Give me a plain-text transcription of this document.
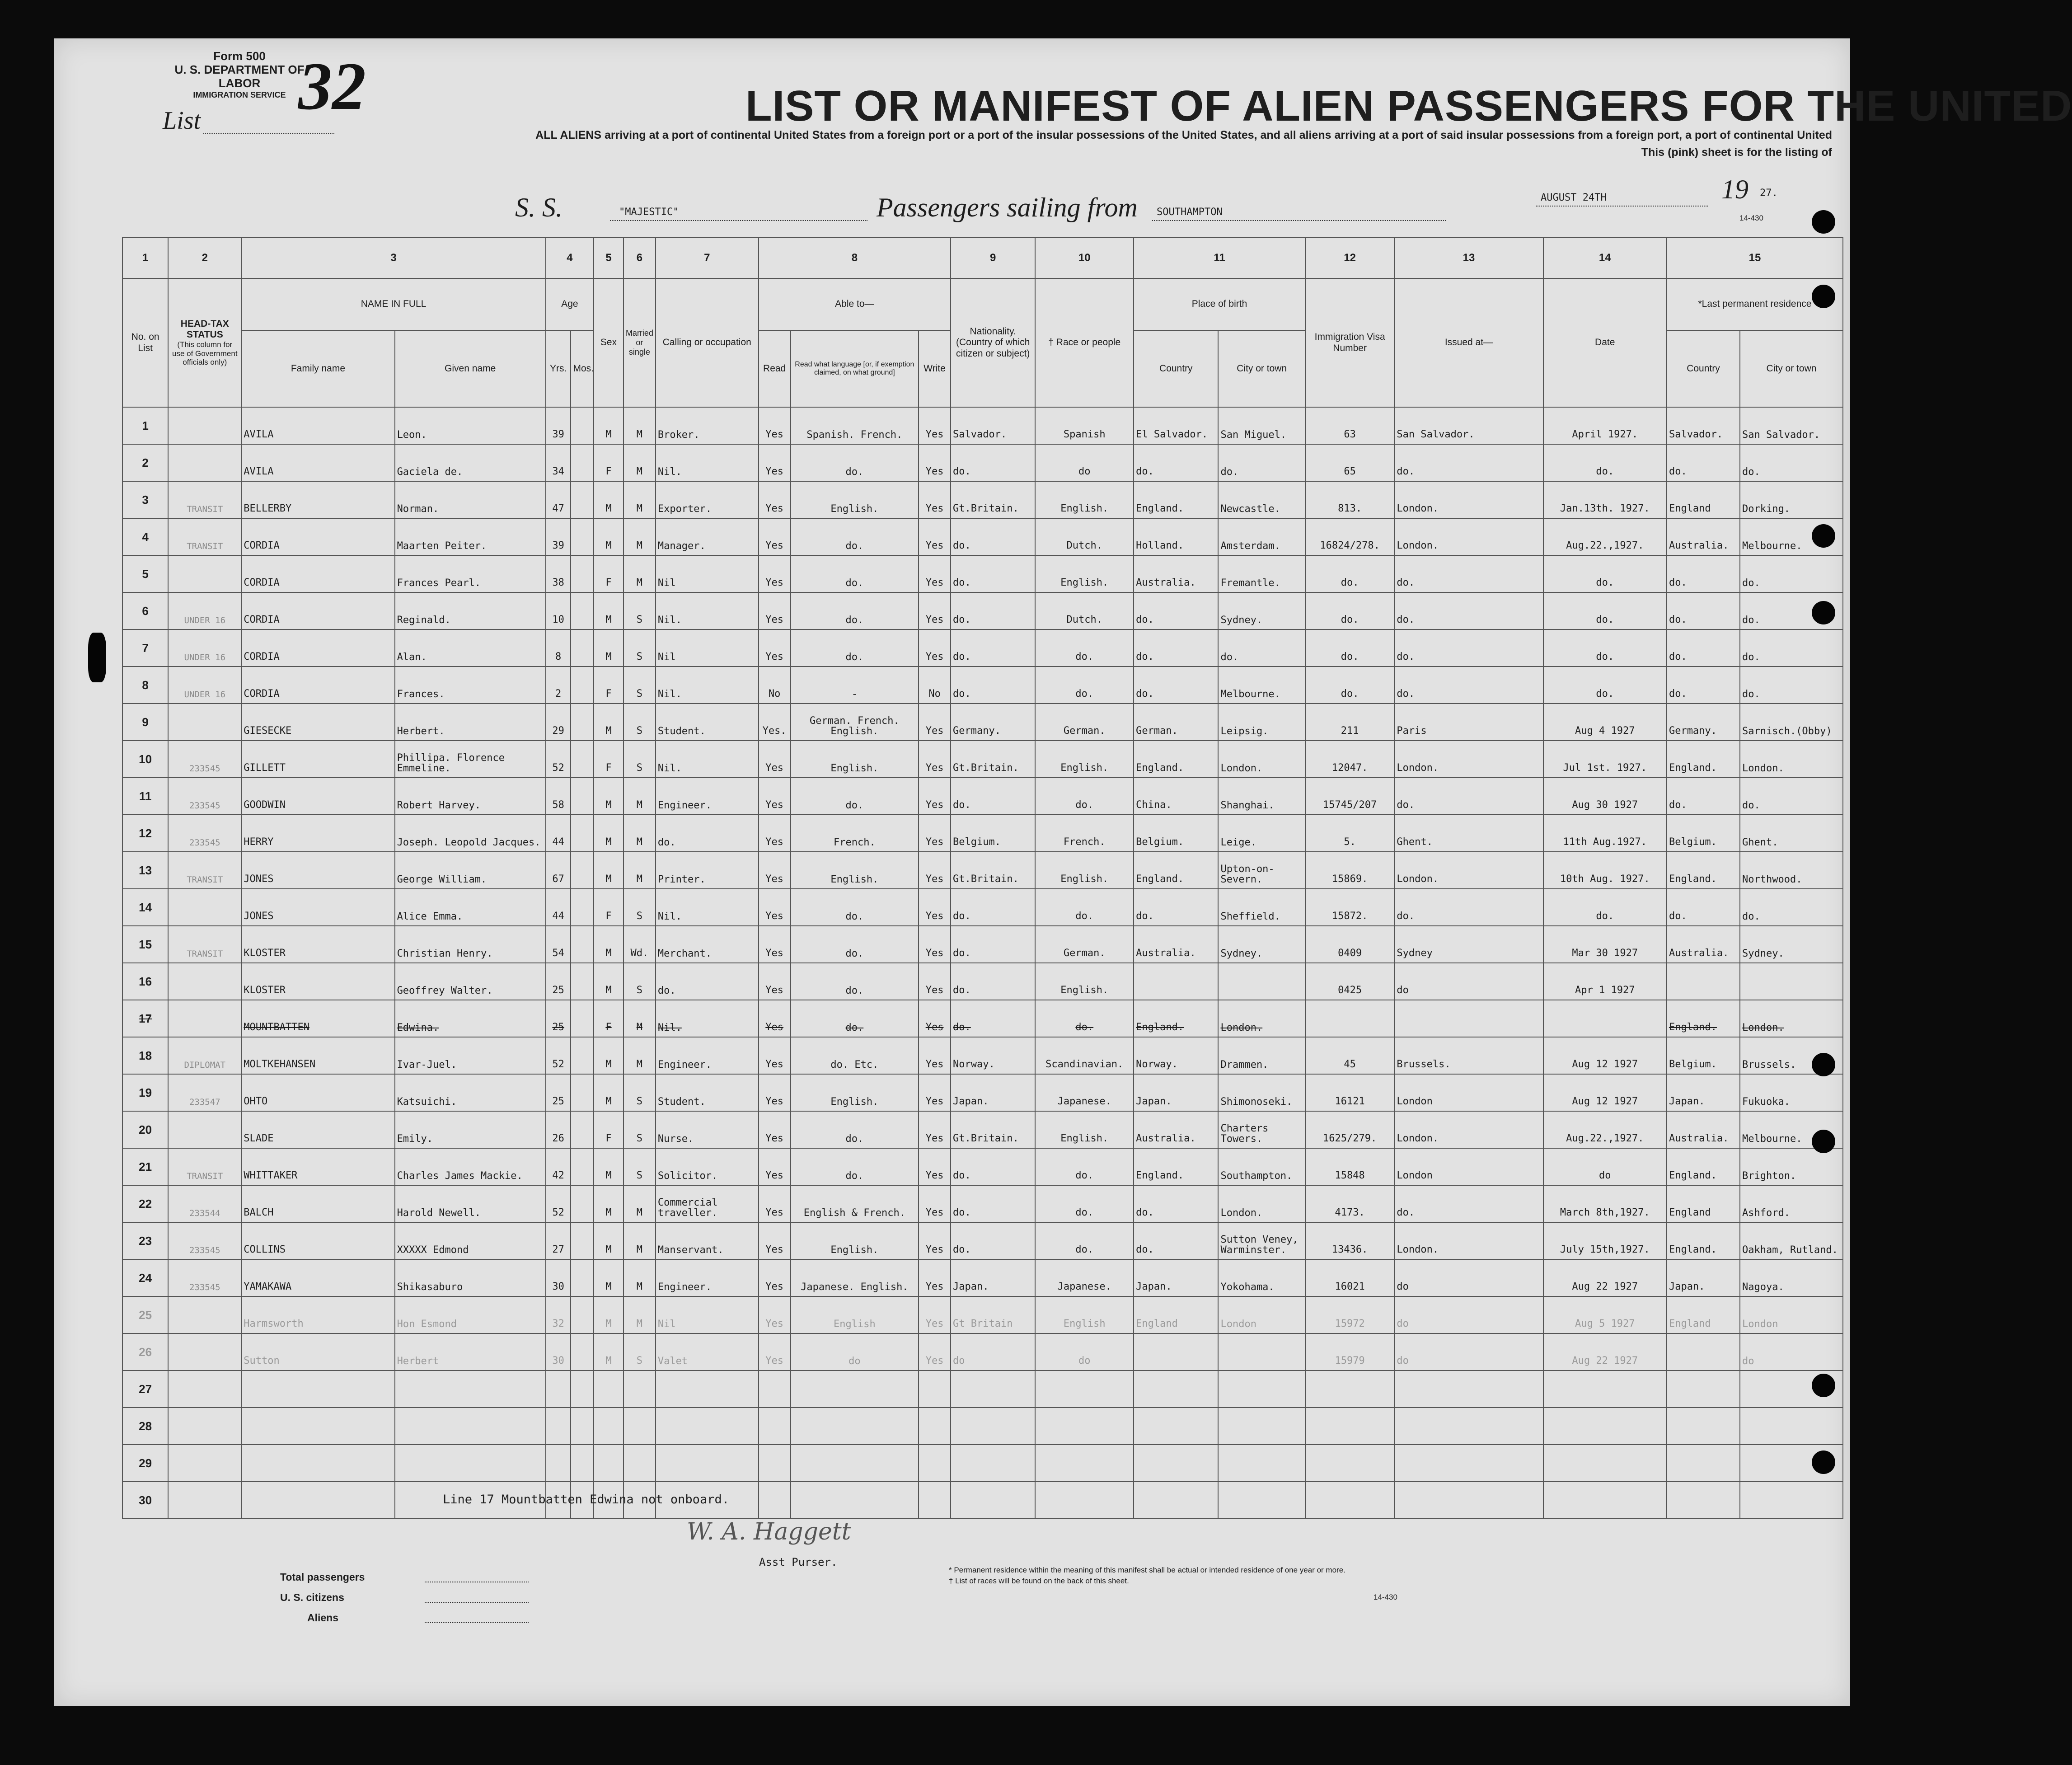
Form 500
U. S. DEPARTMENT OF LABOR
IMMIGRATION SERVICE
List 32	LIST OR MANIFEST OF ALIEN PASSENGERS FOR THE UNITED
ALL ALIENS arriving at a port of continental United States from a foreign port or a port of the insular possessions of the United States, and all aliens arriving at a port of said insular possessions from a foreign port, a port of continental United
This (pink) sheet is for the listing of
S. S.	"MAJESTIC"	Passengers sailing from SOUTHAMPTON
AUGUST 24TH	19 27.
14-430
1	2	3		4		5	6	7	8			9	10	11		12	13	14	15	
No. on List	HEAD-TAX STATUS
(This column for use of Government officials only)	NAME IN FULL		Age		Sex	Married or single	Calling or occupation	Able to—			Nationality. (Country of which citizen or subject)	† Race or people	Place of birth		Immigration Visa Number	Issued at—	Date	*Last permanent residence	
		Family name	Given name	Yrs.	Mos.				Read	Read what language [or, if exemption claimed, on what ground]	Write			Country	City or town				Country	City or town
1		AVILA	Leon.	39		M	M	Broker.	Yes	Spanish. French.	Yes	Salvador.	Spanish	El Salvador.	San Miguel.	63	San Salvador.	April 1927.	Salvador.	San Salvador.
2		AVILA	Gaciela de.	34		F	M	Nil.	Yes	do.	Yes	do.	do	do.	do.	65	do.	do.	do.	do.
3	TRANSIT	BELLERBY	Norman.	47		M	M	Exporter.	Yes	English.	Yes	Gt.Britain.	English.	England.	Newcastle.	813.	London.	Jan.13th. 1927.	England	Dorking.
4	TRANSIT	CORDIA	Maarten Peiter.	39		M	M	Manager.	Yes	do.	Yes	do.	Dutch.	Holland.	Amsterdam.	16824/278.	London.	Aug.22.,1927.	Australia.	Melbourne.
5		CORDIA	Frances Pearl.	38		F	M	Nil	Yes	do.	Yes	do.	English.	Australia.	Fremantle.	do.	do.	do.	do.	do.
6	UNDER 16	CORDIA	Reginald.	10		M	S	Nil.	Yes	do.	Yes	do.	Dutch.	do.	Sydney.	do.	do.	do.	do.	do.
7	UNDER 16	CORDIA	Alan.	8		M	S	Nil	Yes	do.	Yes	do.	do.	do.	do.	do.	do.	do.	do.	do.
8	UNDER 16	CORDIA	Frances.	2		F	S	Nil.	No	-	No	do.	do.	do.	Melbourne.	do.	do.	do.	do.	do.
9		GIESECKE	Herbert.	29		M	S	Student.	Yes.	German. French. English.	Yes	Germany.	German.	German.	Leipsig.	211	Paris	Aug 4 1927	Germany.	Sarnisch.(Obby)
10	233545	GILLETT	Phillipa. Florence Emmeline.	52		F	S	Nil.	Yes	English.	Yes	Gt.Britain.	English.	England.	London.	12047.	London.	Jul 1st. 1927.	England.	London.
11	233545	GOODWIN	Robert Harvey.	58		M	M	Engineer.	Yes	do.	Yes	do.	do.	China.	Shanghai.	15745/207	do.	Aug 30 1927	do.	do.
12	233545	HERRY	Joseph. Leopold Jacques.	44		M	M	do.	Yes	French.	Yes	Belgium.	French.	Belgium.	Leige.	5.	Ghent.	11th Aug.1927.	Belgium.	Ghent.
13	TRANSIT	JONES	George William.	67		M	M	Printer.	Yes	English.	Yes	Gt.Britain.	English.	England.	Upton-on-Severn.	15869.	London.	10th Aug. 1927.	England.	Northwood.
14		JONES	Alice Emma.	44		F	S	Nil.	Yes	do.	Yes	do.	do.	do.	Sheffield.	15872.	do.	do.	do.	do.
15	TRANSIT	KLOSTER	Christian Henry.	54		M	Wd.	Merchant.	Yes	do.	Yes	do.	German.	Australia.	Sydney.	0409	Sydney	Mar 30 1927	Australia.	Sydney.
16		KLOSTER	Geoffrey Walter.	25		M	S	do.	Yes	do.	Yes	do.	English.			0425	do	Apr 1 1927		
17		MOUNTBATTEN	Edwina.	25		F	M	Nil.	Yes	do.	Yes	do.	do.	England.	London.				England.	London.
18	DIPLOMAT	MOLTKEHANSEN	Ivar-Juel.	52		M	M	Engineer.	Yes	do. Etc.	Yes	Norway.	Scandinavian.	Norway.	Drammen.	45	Brussels.	Aug 12 1927	Belgium.	Brussels.
19	233547	OHTO	Katsuichi.	25		M	S	Student.	Yes	English.	Yes	Japan.	Japanese.	Japan.	Shimonoseki.	16121	London	Aug 12 1927	Japan.	Fukuoka.
20		SLADE	Emily.	26		F	S	Nurse.	Yes	do.	Yes	Gt.Britain.	English.	Australia.	Charters Towers.	1625/279.	London.	Aug.22.,1927.	Australia.	Melbourne.
21	TRANSIT	WHITTAKER	Charles James Mackie.	42		M	S	Solicitor.	Yes	do.	Yes	do.	do.	England.	Southampton.	15848	London	do	England.	Brighton.
22	233544	BALCH	Harold Newell.	52		M	M	Commercial traveller.	Yes	English & French.	Yes	do.	do.	do.	London.	4173.	do.	March 8th,1927.	England	Ashford.
23	233545	COLLINS	XXXXX Edmond	27		M	M	Manservant.	Yes	English.	Yes	do.	do.	do.	Sutton Veney, Warminster.	13436.	London.	July 15th,1927.	England.	Oakham, Rutland.
24	233545	YAMAKAWA	Shikasaburo	30		M	M	Engineer.	Yes	Japanese. English.	Yes	Japan.	Japanese.	Japan.	Yokohama.	16021	do	Aug 22 1927	Japan.	Nagoya.
25		Harmsworth	Hon Esmond	32		M	M	Nil	Yes	English	Yes	Gt Britain	English	England	London	15972	do	Aug 5 1927	England	London
26		Sutton	Herbert	30		M	S	Valet	Yes	do	Yes	do	do			15979	do	Aug 22 1927		do
27																				
28																				
29																				
30																					Line 17 Mountbatten Edwina not onboard.
W. A. Haggett
Asst Purser.
Total passengers
U. S. citizens
Aliens
* Permanent residence within the meaning of this manifest shall be actual or intended residence of one year or more.
† List of races will be found on the back of this sheet.
14-430
